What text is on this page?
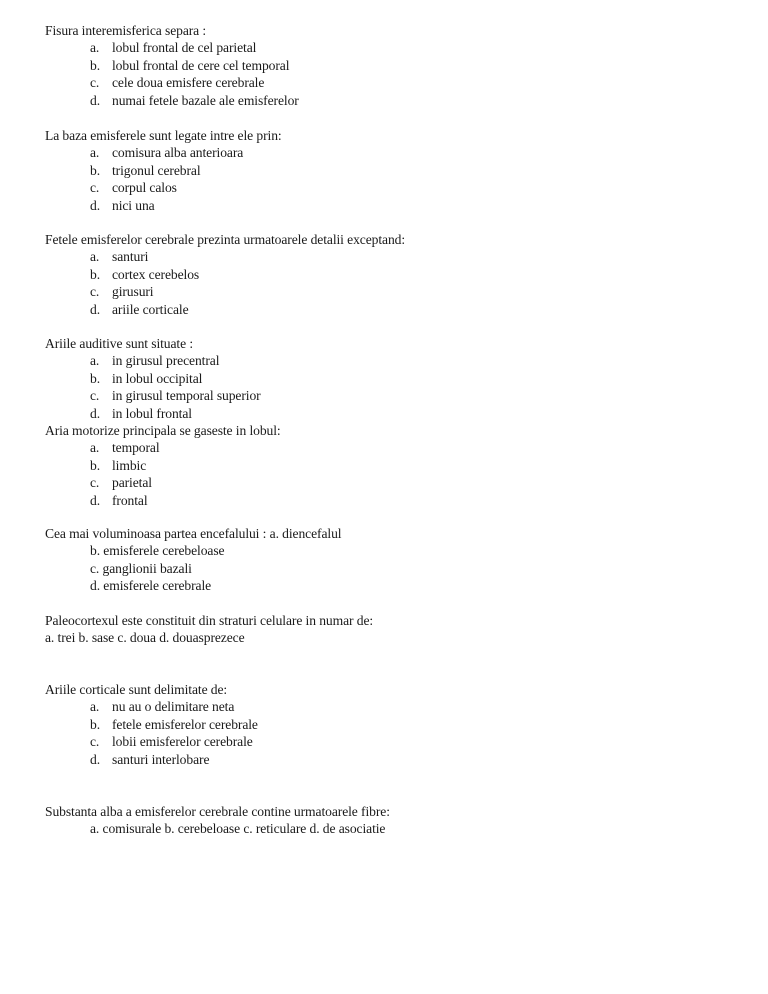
Fisura interemisferica separa :

a. lobul frontal de cel parietal
b. lobul frontal de cere cel temporal
c. cele doua emisfere cerebrale
d. numai fetele bazale ale emisferelor

La baza emisferele sunt legate intre ele prin:

a. comisura alba anterioara
b. trigonul cerebral
c. corpul calos
d. nici una

Fetele emisferelor cerebrale prezinta urmatoarele detalii exceptand:

a. santuri
b. cortex cerebelos
c. girusuri
d. ariile corticale

Ariile auditive sunt situate :

a. in girusul precentral
b. in lobul occipital
c. in girusul temporal superior
d. in lobul frontal

Aria motorize principala se gaseste in lobul:

a. temporal
b. limbic
c. parietal
d. frontal

Cea mai voluminoasa partea encefalului : a. diencefalul

b. emisferele cerebeloase

c. ganglionii bazali

d. emisferele cerebrale

Paleocortexul este constituit din straturi celulare in numar de:

a. trei b. sase c. doua d. douasprezece

Ariile corticale sunt delimitate de:

a. nu au o delimitare neta
b. fetele emisferelor cerebrale
c. lobii emisferelor cerebrale
d. santuri interlobare

Substanta alba a emisferelor cerebrale contine urmatoarele fibre:

a. comisurale b. cerebeloase c. reticulare d. de asociatie
